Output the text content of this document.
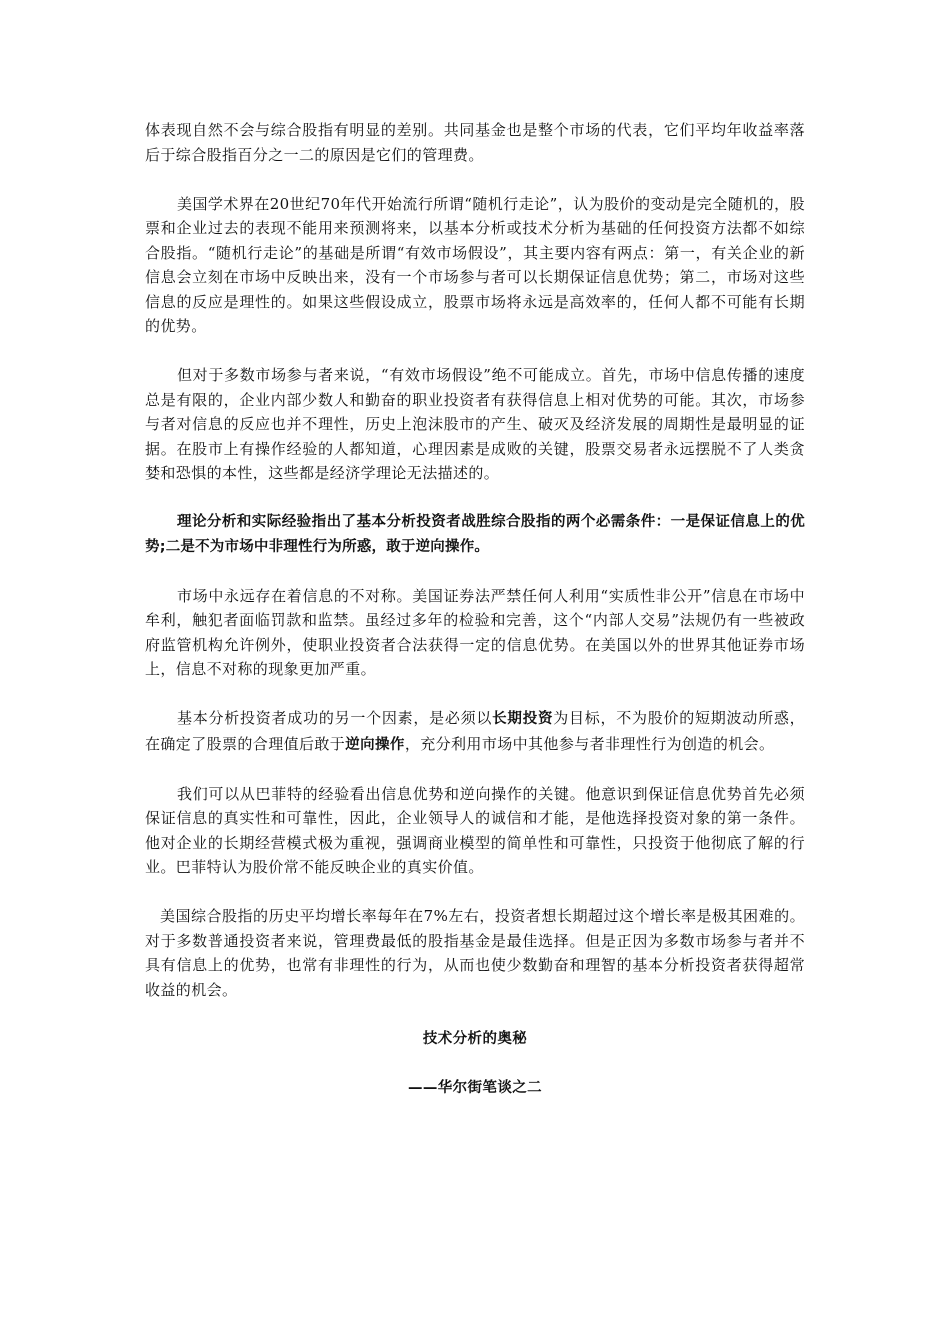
体表现自然不会与综合股指有明显的差别。共同基金也是整个市场的代表，它们平均年收益率落后于综合股指百分之一二的原因是它们的管理费。

美国学术界在20世纪70年代开始流行所谓“随机行走论”，认为股价的变动是完全随机的，股票和企业过去的表现不能用来预测将来，以基本分析或技术分析为基础的任何投资方法都不如综合股指。“随机行走论”的基础是所谓“有效市场假设”，其主要内容有两点：第一，有关企业的新信息会立刻在市场中反映出来，没有一个市场参与者可以长期保证信息优势；第二，市场对这些信息的反应是理性的。如果这些假设成立，股票市场将永远是高效率的，任何人都不可能有长期的优势。

但对于多数市场参与者来说，“有效市场假设”绝不可能成立。首先，市场中信息传播的速度总是有限的，企业内部少数人和勤奋的职业投资者有获得信息上相对优势的可能。其次，市场参与者对信息的反应也并不理性，历史上泡沫股市的产生、破灭及经济发展的周期性是最明显的证据。在股市上有操作经验的人都知道，心理因素是成败的关键，股票交易者永远摆脱不了人类贪婪和恐惧的本性，这些都是经济学理论无法描述的。

理论分析和实际经验指出了基本分析投资者战胜综合股指的两个必需条件：一是保证信息上的优势;二是不为市场中非理性行为所惑，敢于逆向操作。

市场中永远存在着信息的不对称。美国证券法严禁任何人利用“实质性非公开”信息在市场中牟利，触犯者面临罚款和监禁。虽经过多年的检验和完善，这个“内部人交易”法规仍有一些被政府监管机构允许例外，使职业投资者合法获得一定的信息优势。在美国以外的世界其他证券市场上，信息不对称的现象更加严重。

基本分析投资者成功的另一个因素，是必须以长期投资为目标，不为股价的短期波动所惑，在确定了股票的合理值后敢于逆向操作，充分利用市场中其他参与者非理性行为创造的机会。

我们可以从巴菲特的经验看出信息优势和逆向操作的关键。他意识到保证信息优势首先必须保证信息的真实性和可靠性，因此，企业领导人的诚信和才能，是他选择投资对象的第一条件。他对企业的长期经营模式极为重视，强调商业模型的简单性和可靠性，只投资于他彻底了解的行业。巴菲特认为股价常不能反映企业的真实价值。

美国综合股指的历史平均增长率每年在7%左右，投资者想长期超过这个增长率是极其困难的。对于多数普通投资者来说，管理费最低的股指基金是最佳选择。但是正因为多数市场参与者并不具有信息上的优势，也常有非理性的行为，从而也使少数勤奋和理智的基本分析投资者获得超常收益的机会。

技术分析的奥秘

——华尔街笔谈之二
